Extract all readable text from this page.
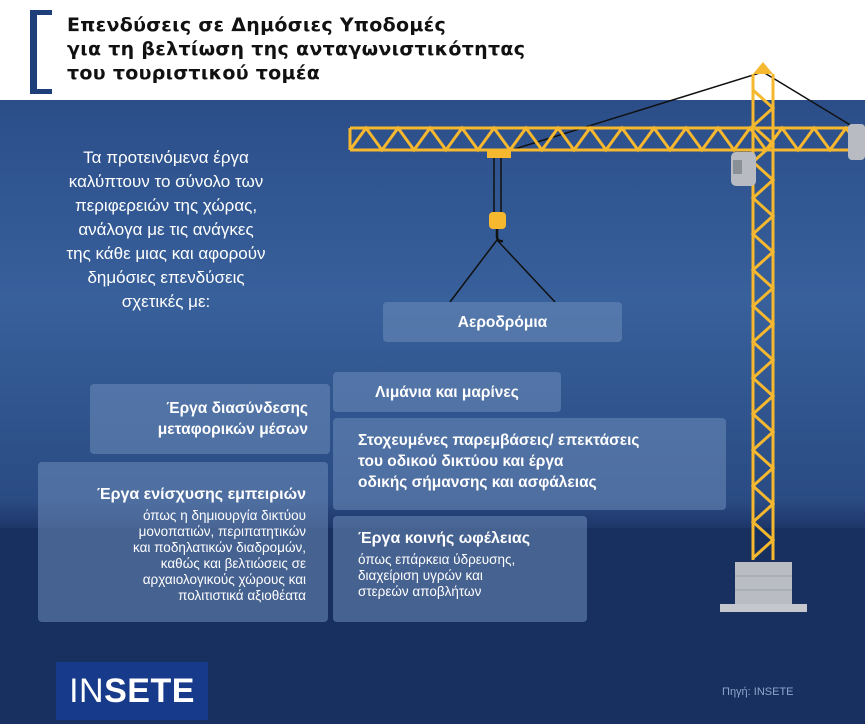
Επενδύσεις σε Δημόσιες Υποδομές
για τη βελτίωση της ανταγωνιστικότητας
του τουριστικού τομέα
Τα προτεινόμενα έργα
καλύπτουν το σύνολο των
περιφερειών της χώρας,
ανάλογα με τις ανάγκες
της κάθε μιας και αφορούν
δημόσιες επενδύσεις
σχετικές με:
Αεροδρόμια
Λιμάνια και μαρίνες
Έργα διασύνδεσης
μεταφορικών μέσων
Στοχευμένες παρεμβάσεις/ επεκτάσεις
του οδικού δικτύου και έργα
οδικής σήμανσης και ασφάλειας
Έργα ενίσχυσης εμπειριών
όπως η δημιουργία δικτύου
μονοπατιών, περιπατητικών
και ποδηλατικών διαδρομών,
καθώς και βελτιώσεις σε
αρχαιολογικούς χώρους και
πολιτιστικά αξιοθέατα
Έργα κοινής ωφέλειας
όπως επάρκεια ύδρευσης,
διαχείριση υγρών και
στερεών αποβλήτων
INSETE	Πηγή: INSETE
